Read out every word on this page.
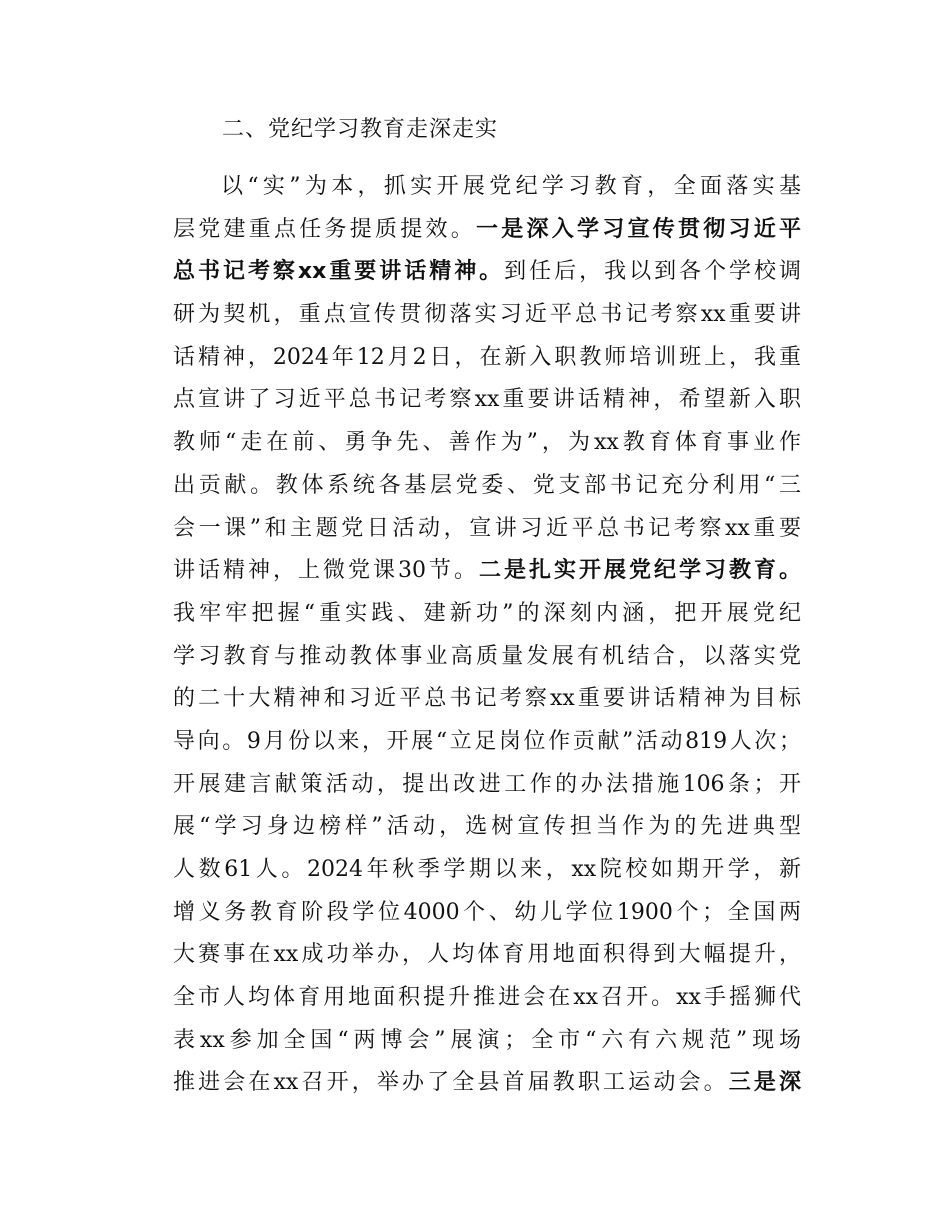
二、党纪学习教育走深走实
以“实”为本，抓实开展党纪学习教育，全面落实基
层党建重点任务提质提效。一是深入学习宣传贯彻习近平
总书记考察xx重要讲话精神。到任后，我以到各个学校调
研为契机，重点宣传贯彻落实习近平总书记考察xx重要讲
话精神，2024年12月2日，在新入职教师培训班上，我重
点宣讲了习近平总书记考察xx重要讲话精神，希望新入职
教师“走在前、勇争先、善作为”，为xx教育体育事业作
出贡献。教体系统各基层党委、党支部书记充分利用“三
会一课”和主题党日活动，宣讲习近平总书记考察xx重要
讲话精神，上微党课30节。二是扎实开展党纪学习教育。
我牢牢把握“重实践、建新功”的深刻内涵，把开展党纪
学习教育与推动教体事业高质量发展有机结合，以落实党
的二十大精神和习近平总书记考察xx重要讲话精神为目标
导向。9月份以来，开展“立足岗位作贡献”活动819人次；
开展建言献策活动，提出改进工作的办法措施106条；开
展“学习身边榜样”活动，选树宣传担当作为的先进典型
人数61人。2024年秋季学期以来，xx院校如期开学，新
增义务教育阶段学位4000个、幼儿学位1900个；全国两
大赛事在xx成功举办，人均体育用地面积得到大幅提升，
全市人均体育用地面积提升推进会在xx召开。xx手摇狮代
表xx参加全国“两博会”展演；全市“六有六规范”现场
推进会在xx召开，举办了全县首届教职工运动会。三是深
